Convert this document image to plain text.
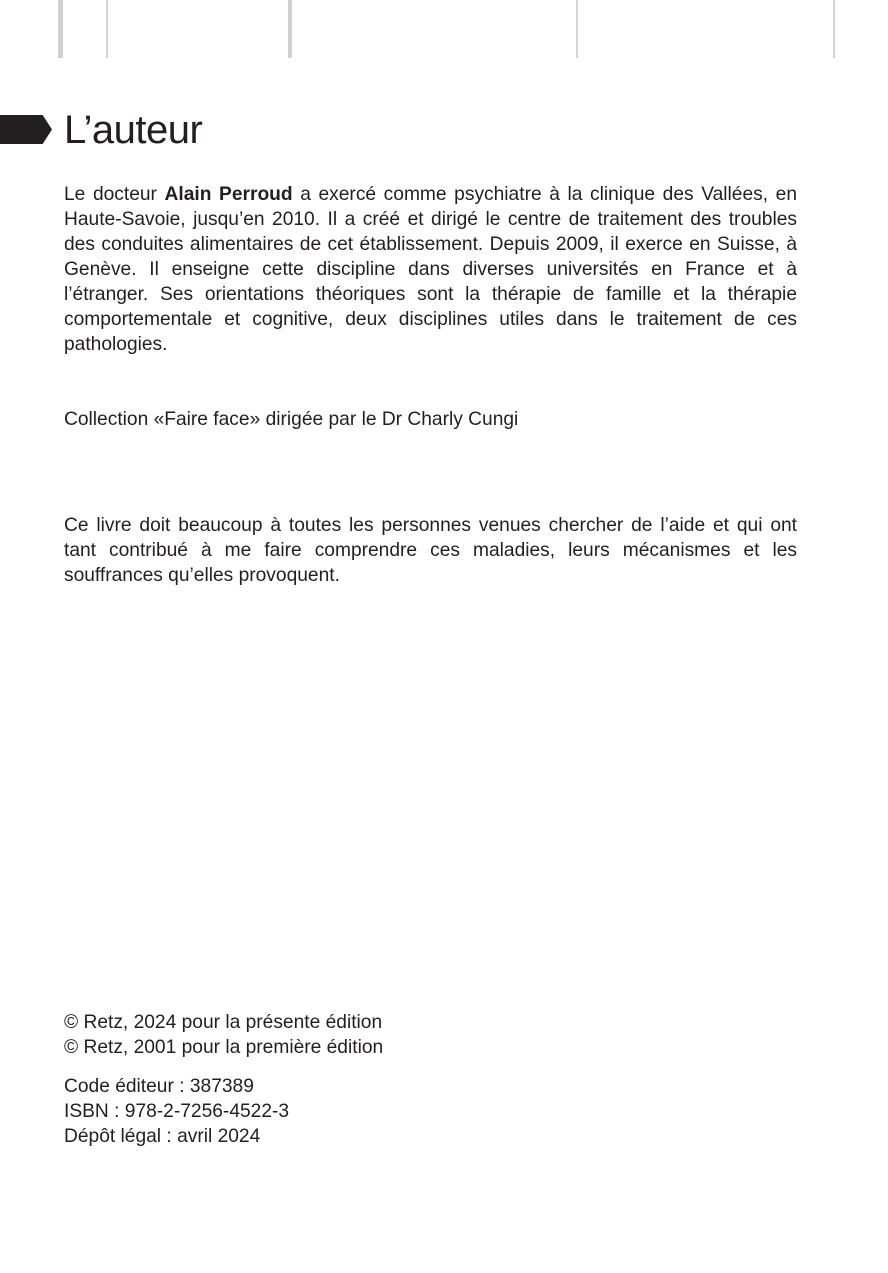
L’auteur

Le docteur Alain Perroud a exercé comme psychiatre à la clinique des Vallées, en Haute-Savoie, jusqu’en 2010. Il a créé et dirigé le centre de traitement des troubles des conduites alimentaires de cet établissement. Depuis 2009, il exerce en Suisse, à Genève. Il enseigne cette discipline dans diverses universités en France et à l’étranger. Ses orientations théoriques sont la thérapie de famille et la thérapie comportementale et cognitive, deux disciplines utiles dans le traitement de ces pathologies.

Collection «Faire face» dirigée par le Dr Charly Cungi

Ce livre doit beaucoup à toutes les personnes venues chercher de l’aide et qui ont tant contribué à me faire comprendre ces maladies, leurs mécanismes et les souffrances qu’elles provoquent.

© Retz, 2024 pour la présente édition
© Retz, 2001 pour la première édition
Code éditeur : 387389
ISBN : 978-2-7256-4522-3
Dépôt légal : avril 2024
